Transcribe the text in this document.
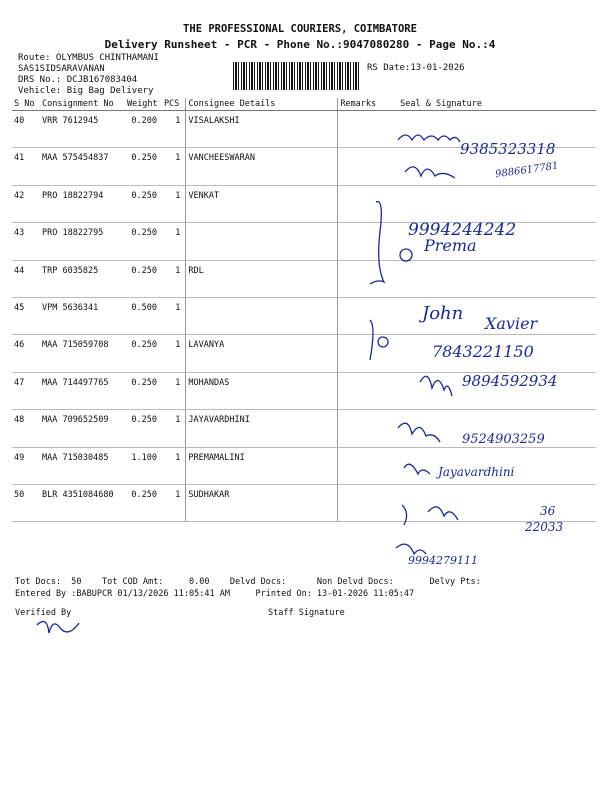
THE PROFESSIONAL COURIERS, COIMBATORE
Delivery Runsheet - PCR - Phone No.:9047080280 - Page No.:4
Route: OLYMBUS CHINTHAMANI
SAS1SIDSARAVANAN
DRS No.: DCJB167083404
Vehicle: Big Bag Delivery
RS Date:13-01-2026
S No	Consignment No	Weight	PCS	Consignee Details	Remarks	Seal & Signature
40	VRR 7612945	0.200	1	VISALAKSHI		
41	MAA 575454837	0.250	1	VANCHEESWARAN		
42	PRO 18822794	0.250	1	VENKAT		
43	PRO 18822795	0.250	1			
44	TRP 6035825	0.250	1	RDL		
45	VPM 5636341	0.500	1			
46	MAA 715059708	0.250	1	LAVANYA		
47	MAA 714497765	0.250	1	MOHANDAS		
48	MAA 709652509	0.250	1	JAYAVARDHINI		
49	MAA 715030485	1.100	1	PREMAMALINI		
50	BLR 4351084680	0.250	1	SUDHAKAR		
9385323318
9886617781
9994244242
Prema
John Xavier
7843221150
9894592934
9524903259
Jayavardhini
36
22033
9994279111
Tot Docs:  50    Tot COD Amt:     0.00    Delvd Docs:      Non Delvd Docs:       Delvy Pts:
Entered By :BABUPCR 01/13/2026 11:05:41 AM     Printed On: 13-01-2026 11:05:47
Verified By	Staff Signature
